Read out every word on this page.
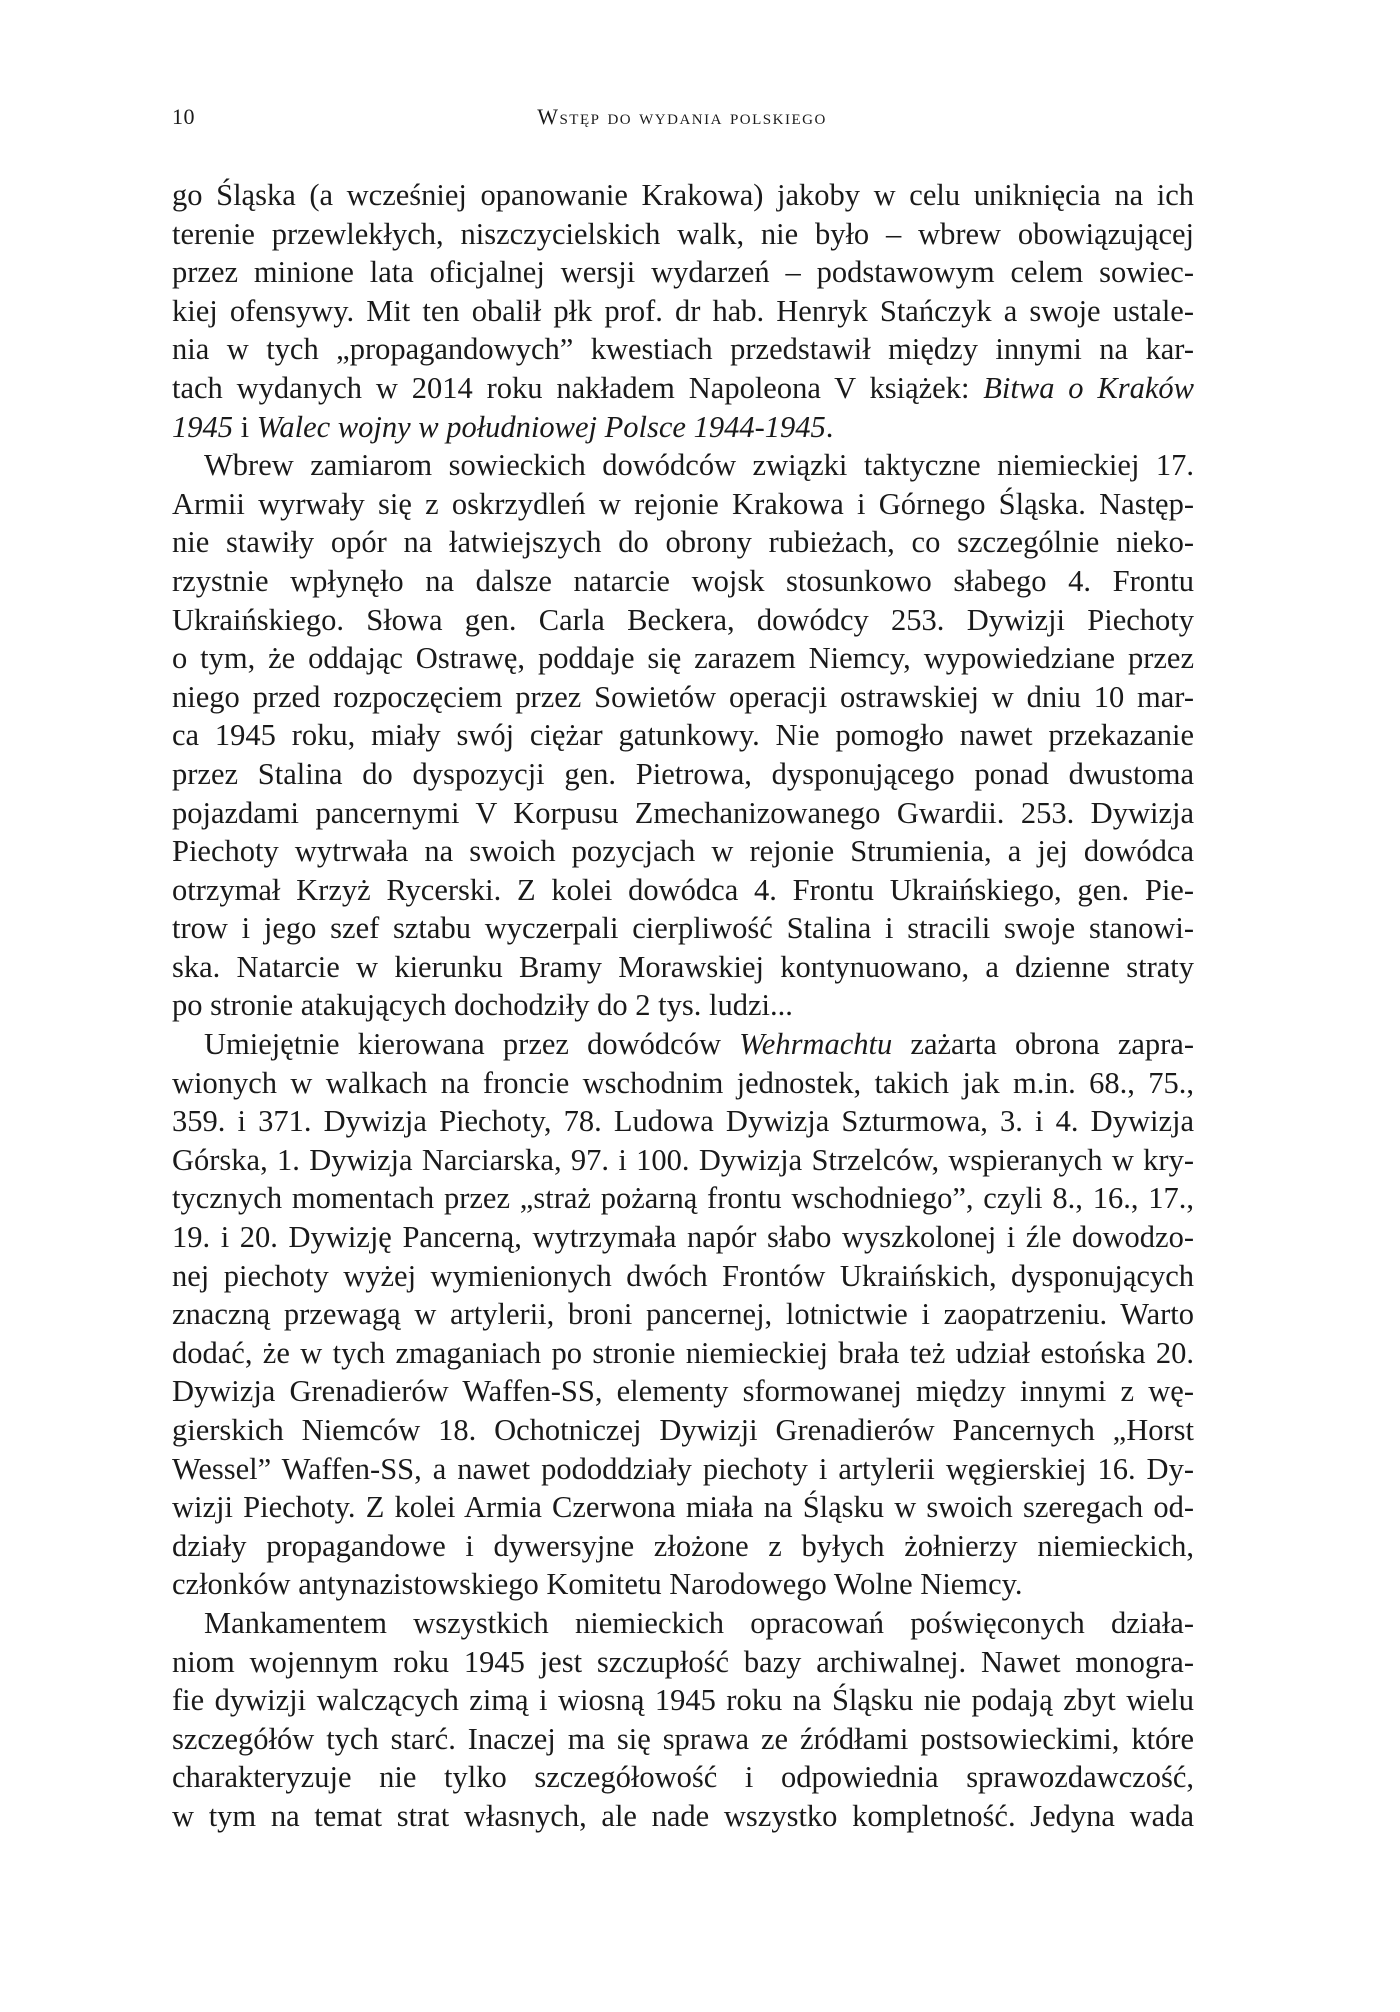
10	Wstęp do wydania polskiego
go Śląska (a wcześniej opanowanie Krakowa) jakoby w celu uniknięcia na ich
terenie przewlekłych, niszczycielskich walk, nie było – wbrew obowiązującej
przez minione lata oficjalnej wersji wydarzeń – podstawowym celem sowiec-
kiej ofensywy. Mit ten obalił płk prof. dr hab. Henryk Stańczyk a swoje ustale-
nia w tych „propagandowych” kwestiach przedstawił między innymi na kar-
tach wydanych w 2014 roku nakładem Napoleona V książek: Bitwa o Kraków
1945 i Walec wojny w południowej Polsce 1944-1945.
Wbrew zamiarom sowieckich dowódców związki taktyczne niemieckiej 17.
Armii wyrwały się z oskrzydleń w rejonie Krakowa i Górnego Śląska. Następ-
nie stawiły opór na łatwiejszych do obrony rubieżach, co szczególnie nieko-
rzystnie wpłynęło na dalsze natarcie wojsk stosunkowo słabego 4. Frontu
Ukraińskiego. Słowa gen. Carla Beckera, dowódcy 253. Dywizji Piechoty
o tym, że oddając Ostrawę, poddaje się zarazem Niemcy, wypowiedziane przez
niego przed rozpoczęciem przez Sowietów operacji ostrawskiej w dniu 10 mar-
ca 1945 roku, miały swój ciężar gatunkowy. Nie pomogło nawet przekazanie
przez Stalina do dyspozycji gen. Pietrowa, dysponującego ponad dwustoma
pojazdami pancernymi V Korpusu Zmechanizowanego Gwardii. 253. Dywizja
Piechoty wytrwała na swoich pozycjach w rejonie Strumienia, a jej dowódca
otrzymał Krzyż Rycerski. Z kolei dowódca 4. Frontu Ukraińskiego, gen. Pie-
trow i jego szef sztabu wyczerpali cierpliwość Stalina i stracili swoje stanowi-
ska. Natarcie w kierunku Bramy Morawskiej kontynuowano, a dzienne straty
po stronie atakujących dochodziły do 2 tys. ludzi...
Umiejętnie kierowana przez dowódców Wehrmachtu zażarta obrona zapra-
wionych w walkach na froncie wschodnim jednostek, takich jak m.in. 68., 75.,
359. i 371. Dywizja Piechoty, 78. Ludowa Dywizja Szturmowa, 3. i 4. Dywizja
Górska, 1. Dywizja Narciarska, 97. i 100. Dywizja Strzelców, wspieranych w kry-
tycznych momentach przez „straż pożarną frontu wschodniego”, czyli 8., 16., 17.,
19. i 20. Dywizję Pancerną, wytrzymała napór słabo wyszkolonej i źle dowodzo-
nej piechoty wyżej wymienionych dwóch Frontów Ukraińskich, dysponujących
znaczną przewagą w artylerii, broni pancernej, lotnictwie i zaopatrzeniu. Warto
dodać, że w tych zmaganiach po stronie niemieckiej brała też udział estońska 20.
Dywizja Grenadierów Waffen-SS, elementy sformowanej między innymi z wę-
gierskich Niemców 18. Ochotniczej Dywizji Grenadierów Pancernych „Horst
Wessel” Waffen-SS, a nawet pododdziały piechoty i artylerii węgierskiej 16. Dy-
wizji Piechoty. Z kolei Armia Czerwona miała na Śląsku w swoich szeregach od-
działy propagandowe i dywersyjne złożone z byłych żołnierzy niemieckich,
członków antynazistowskiego Komitetu Narodowego Wolne Niemcy.
Mankamentem wszystkich niemieckich opracowań poświęconych działa-
niom wojennym roku 1945 jest szczupłość bazy archiwalnej. Nawet monogra-
fie dywizji walczących zimą i wiosną 1945 roku na Śląsku nie podają zbyt wielu
szczegółów tych starć. Inaczej ma się sprawa ze źródłami postsowieckimi, które
charakteryzuje nie tylko szczegółowość i odpowiednia sprawozdawczość,
w tym na temat strat własnych, ale nade wszystko kompletność. Jedyna wada
